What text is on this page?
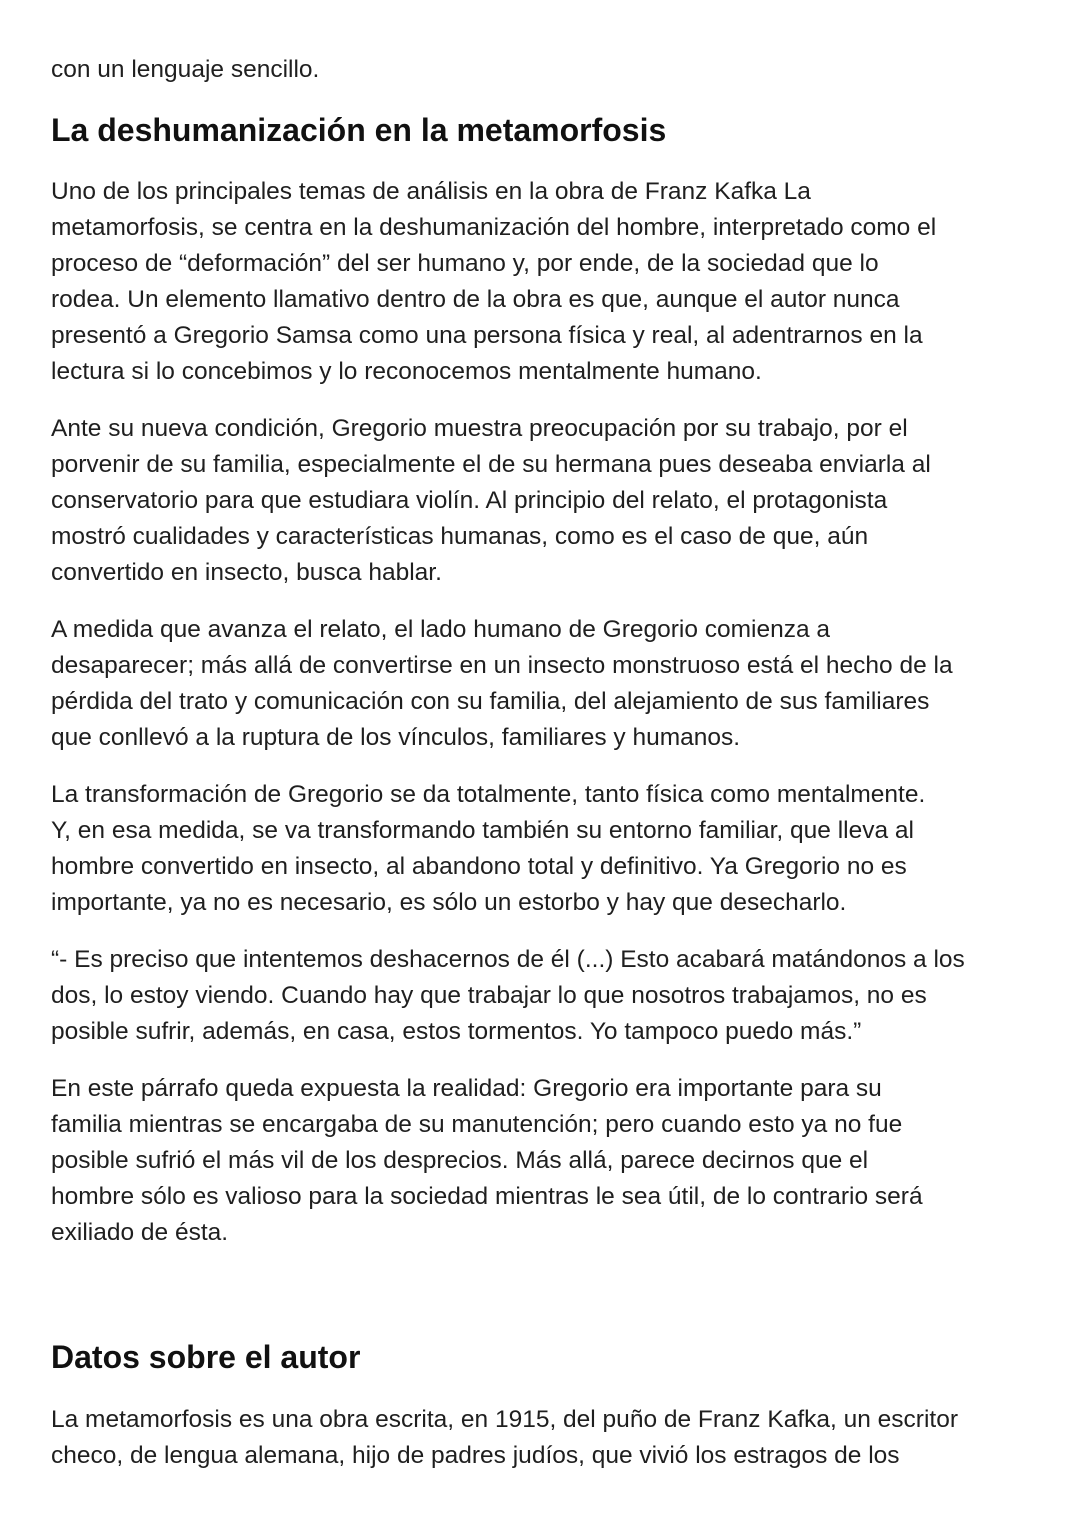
con un lenguaje sencillo.
La deshumanización en la metamorfosis
Uno de los principales temas de análisis en la obra de Franz Kafka La
metamorfosis, se centra en la deshumanización del hombre, interpretado como el
proceso de “deformación” del ser humano y, por ende, de la sociedad que lo
rodea. Un elemento llamativo dentro de la obra es que, aunque el autor nunca
presentó a Gregorio Samsa como una persona física y real, al adentrarnos en la
lectura si lo concebimos y lo reconocemos mentalmente humano.
Ante su nueva condición, Gregorio muestra preocupación por su trabajo, por el
porvenir de su familia, especialmente el de su hermana pues deseaba enviarla al
conservatorio para que estudiara violín. Al principio del relato, el protagonista
mostró cualidades y características humanas, como es el caso de que, aún
convertido en insecto, busca hablar.
A medida que avanza el relato, el lado humano de Gregorio comienza a
desaparecer; más allá de convertirse en un insecto monstruoso está el hecho de la
pérdida del trato y comunicación con su familia, del alejamiento de sus familiares
que conllevó a la ruptura de los vínculos, familiares y humanos.
La transformación de Gregorio se da totalmente, tanto física como mentalmente.
Y, en esa medida, se va transformando también su entorno familiar, que lleva al
hombre convertido en insecto, al abandono total y definitivo. Ya Gregorio no es
importante, ya no es necesario, es sólo un estorbo y hay que desecharlo.
“- Es preciso que intentemos deshacernos de él (...) Esto acabará matándonos a los
dos, lo estoy viendo. Cuando hay que trabajar lo que nosotros trabajamos, no es
posible sufrir, además, en casa, estos tormentos. Yo tampoco puedo más.”
En este párrafo queda expuesta la realidad: Gregorio era importante para su
familia mientras se encargaba de su manutención; pero cuando esto ya no fue
posible sufrió el más vil de los desprecios. Más allá, parece decirnos que el
hombre sólo es valioso para la sociedad mientras le sea útil, de lo contrario será
exiliado de ésta.
Datos sobre el autor
La metamorfosis es una obra escrita, en 1915, del puño de Franz Kafka, un escritor
checo, de lengua alemana, hijo de padres judíos, que vivió los estragos de los
